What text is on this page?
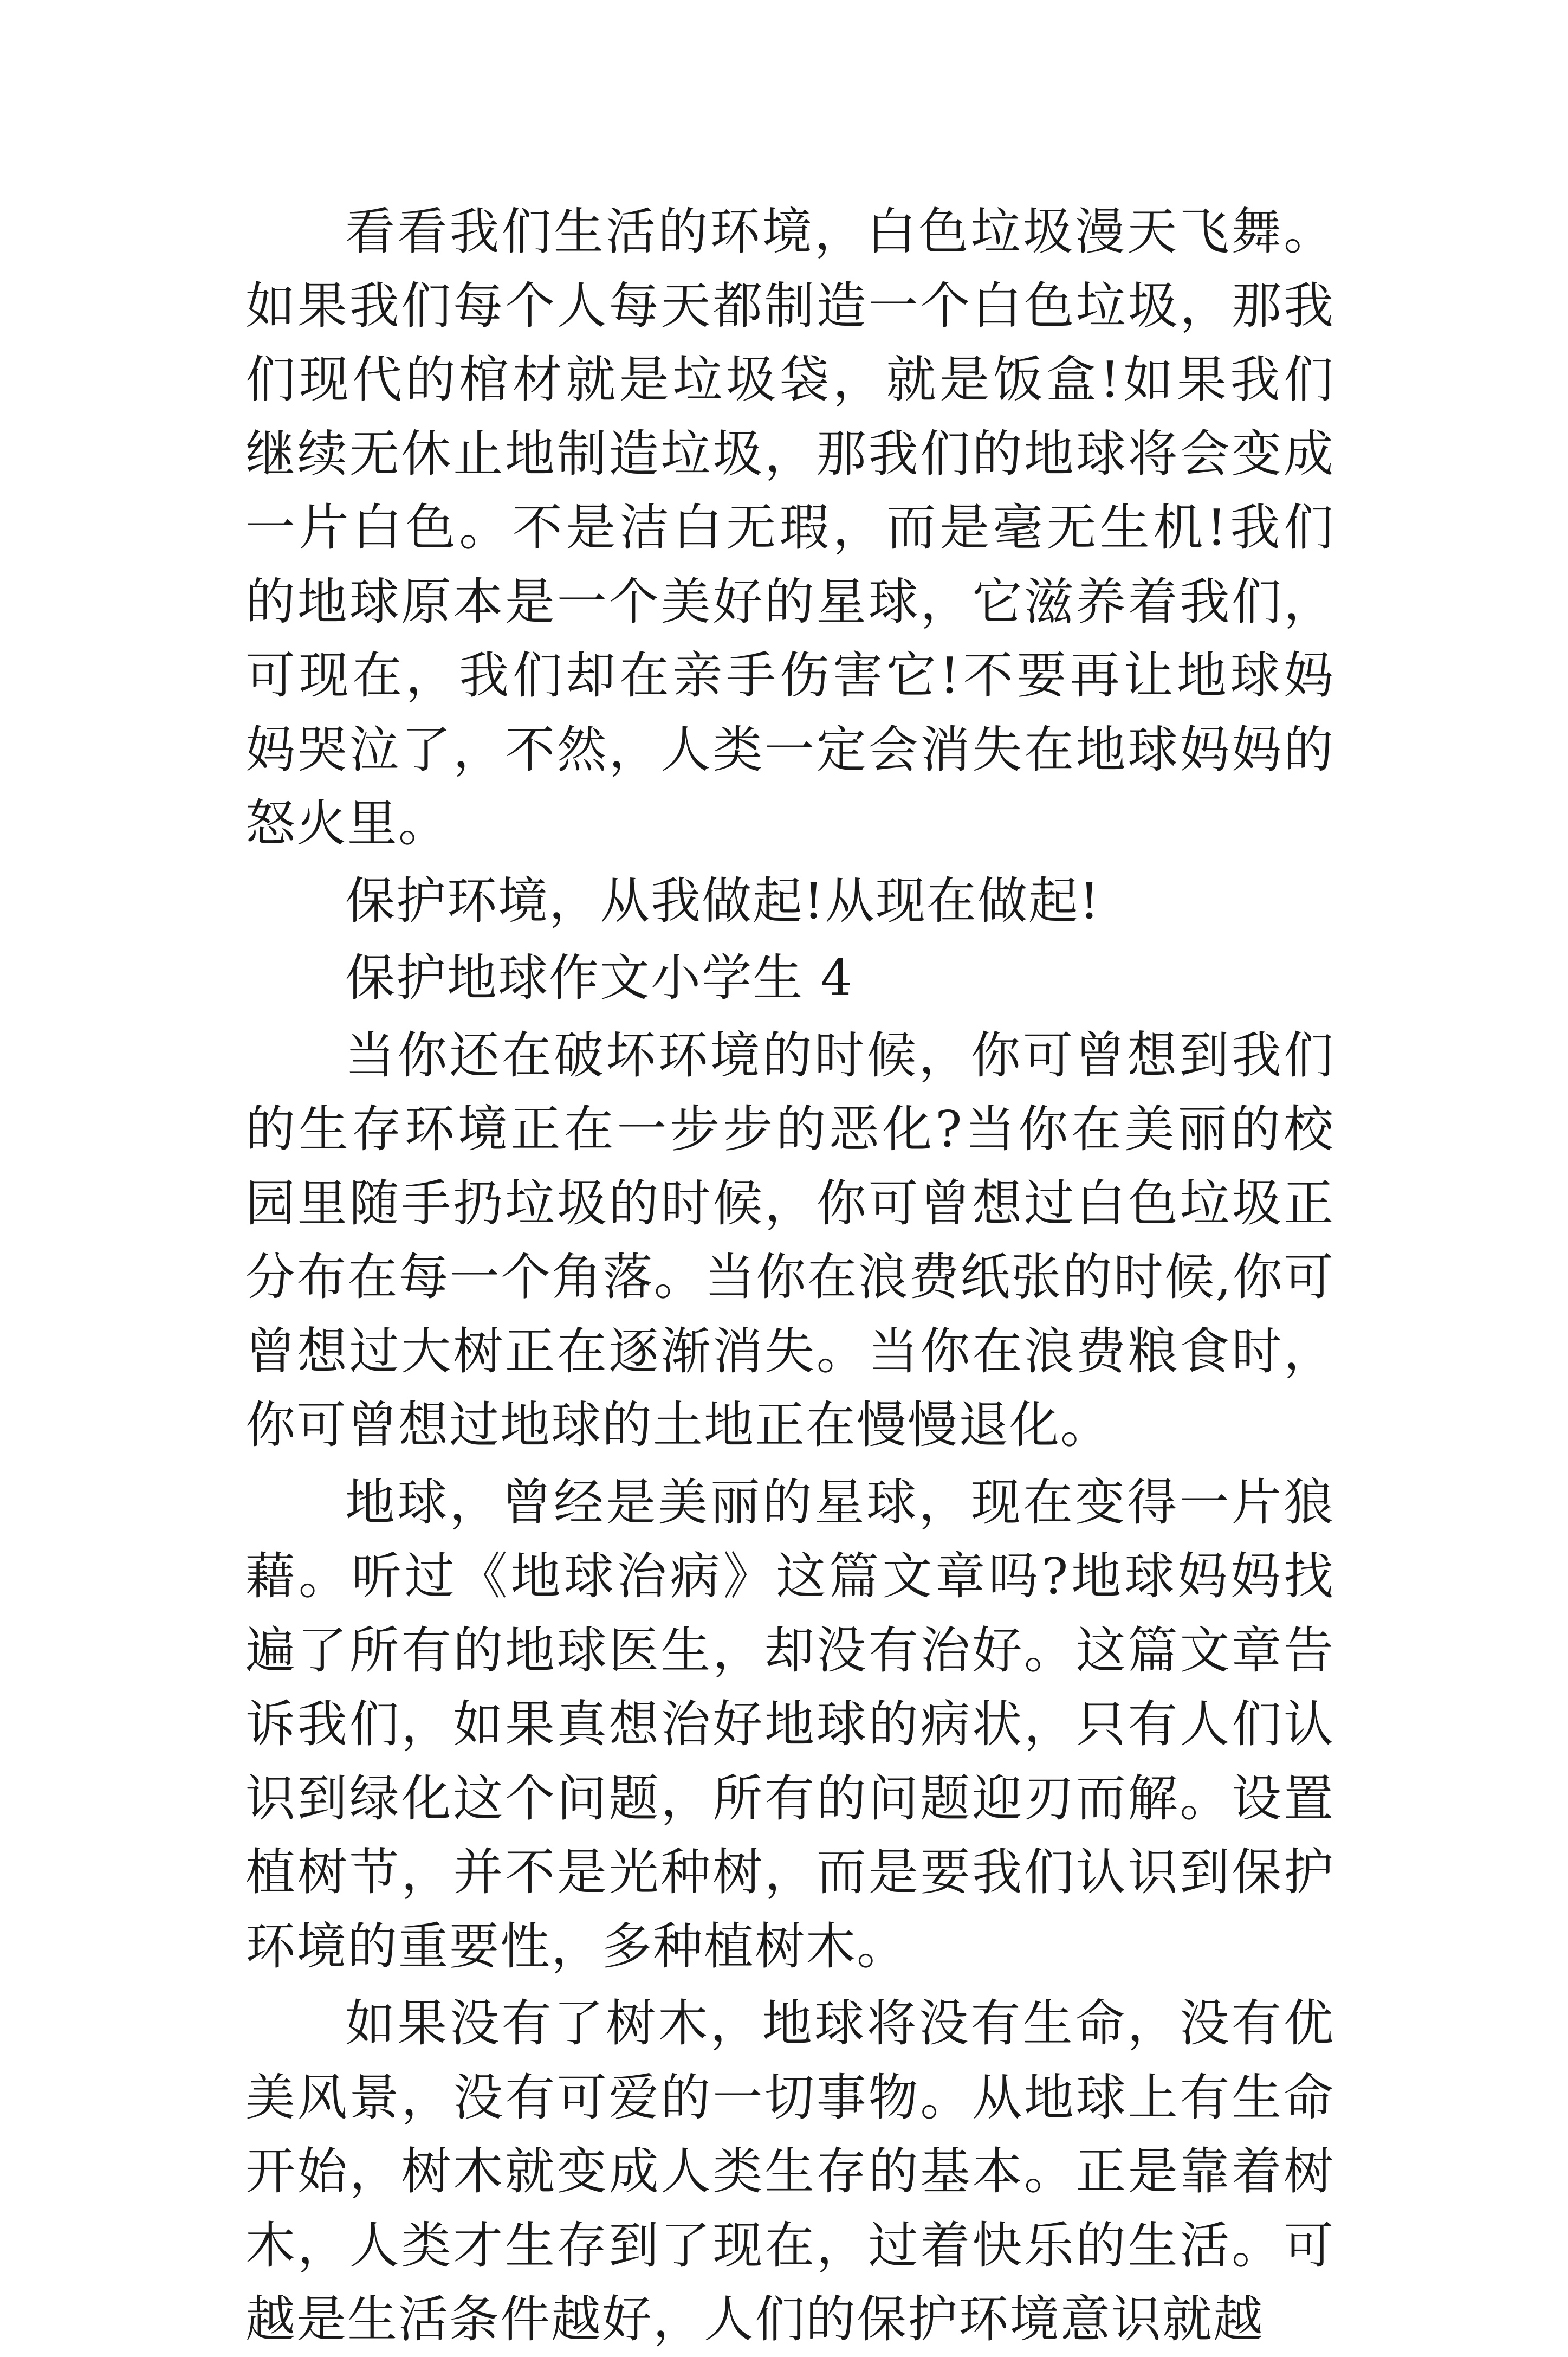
看看我们生活的环境，白色垃圾漫天飞舞。如果我们每个人每天都制造一个白色垃圾，那我们现代的棺材就是垃圾袋，就是饭盒!如果我们继续无休止地制造垃圾，那我们的地球将会变成一片白色。不是洁白无瑕，而是毫无生机!我们的地球原本是一个美好的星球，它滋养着我们，可现在，我们却在亲手伤害它!不要再让地球妈妈哭泣了，不然，人类一定会消失在地球妈妈的怒火里。

保护环境，从我做起!从现在做起!

保护地球作文小学生 4

当你还在破坏环境的时候，你可曾想到我们的生存环境正在一步步的恶化?当你在美丽的校园里随手扔垃圾的时候，你可曾想过白色垃圾正分布在每一个角落。当你在浪费纸张的时候,你可曾想过大树正在逐渐消失。当你在浪费粮食时，你可曾想过地球的土地正在慢慢退化。

地球，曾经是美丽的星球，现在变得一片狼藉。听过《地球治病》这篇文章吗?地球妈妈找遍了所有的地球医生，却没有治好。这篇文章告诉我们，如果真想治好地球的病状，只有人们认识到绿化这个问题，所有的问题迎刃而解。设置植树节，并不是光种树，而是要我们认识到保护环境的重要性，多种植树木。

如果没有了树木，地球将没有生命，没有优美风景，没有可爱的一切事物。从地球上有生命开始，树木就变成人类生存的基本。正是靠着树木，人类才生存到了现在，过着快乐的生活。可越是生活条件越好，人们的保护环境意识就越
